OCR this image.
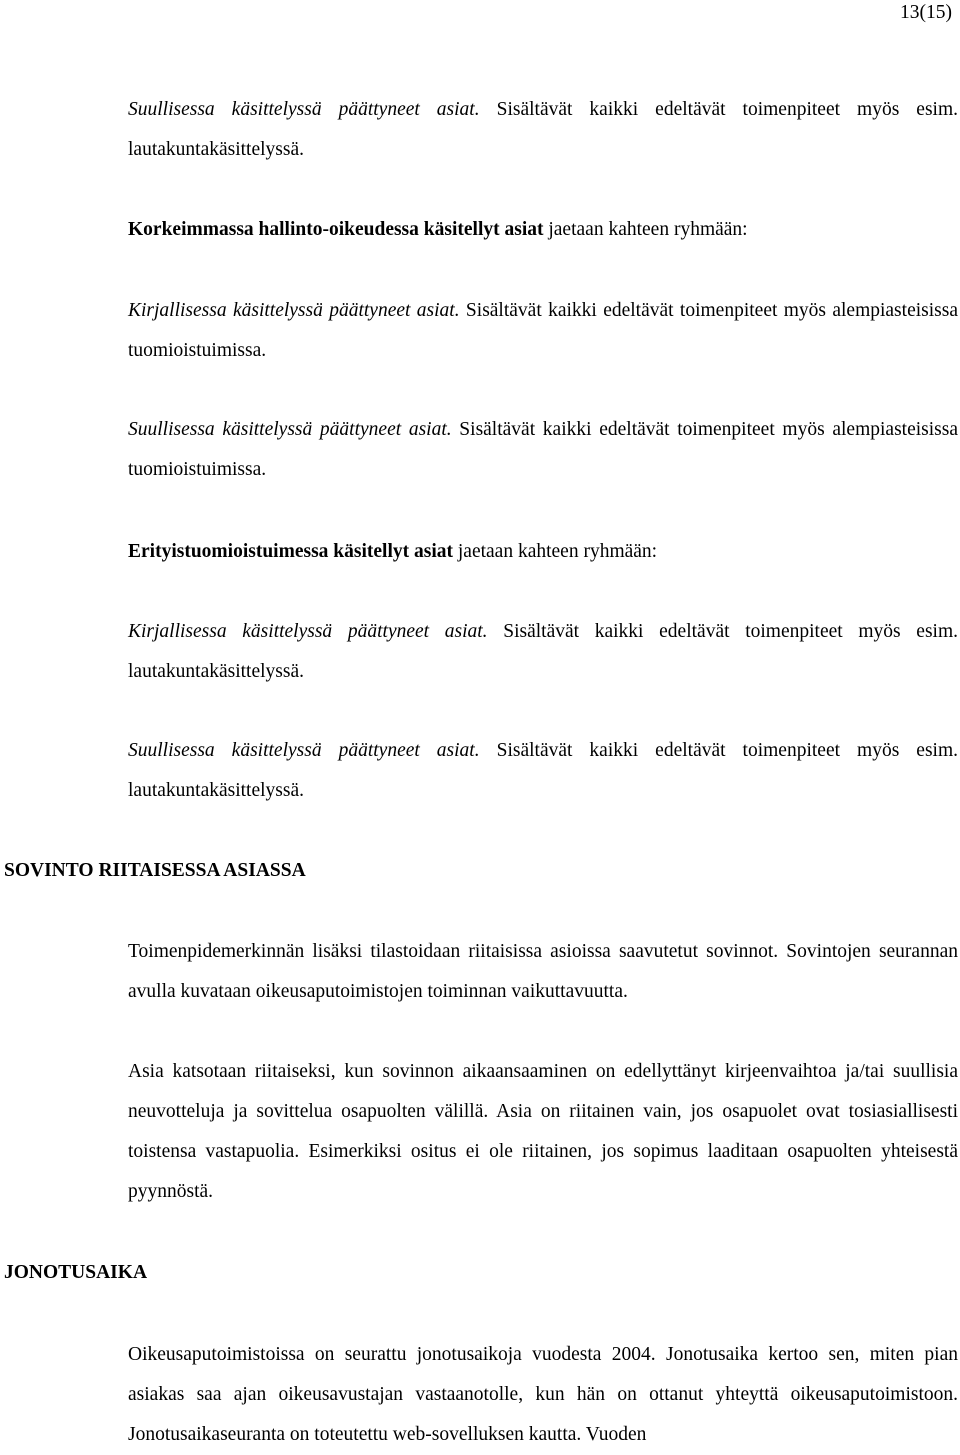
13(15)
Suullisessa käsittelyssä päättyneet asiat. Sisältävät kaikki edeltävät toimenpiteet myös esim. lautakuntakäsittelyssä.
Korkeimmassa hallinto-oikeudessa käsitellyt asiat jaetaan kahteen ryhmään:
Kirjallisessa käsittelyssä päättyneet asiat. Sisältävät kaikki edeltävät toimenpiteet myös alempiasteisissa tuomioistuimissa.
Suullisessa käsittelyssä päättyneet asiat. Sisältävät kaikki edeltävät toimenpiteet myös alempiasteisissa tuomioistuimissa.
Erityistuomioistuimessa käsitellyt asiat jaetaan kahteen ryhmään:
Kirjallisessa käsittelyssä päättyneet asiat. Sisältävät kaikki edeltävät toimenpiteet myös esim. lautakuntakäsittelyssä.
Suullisessa käsittelyssä päättyneet asiat. Sisältävät kaikki edeltävät toimenpiteet myös esim. lautakuntakäsittelyssä.
SOVINTO RIITAISESSA ASIASSA
Toimenpidemerkinnän lisäksi tilastoidaan riitaisissa asioissa saavutetut sovinnot. Sovintojen seurannan avulla kuvataan oikeusaputoimistojen toiminnan vaikuttavuutta.
Asia katsotaan riitaiseksi, kun sovinnon aikaansaaminen on edellyttänyt kirjeenvaihtoa ja/tai suullisia neuvotteluja ja sovittelua osapuolten välillä. Asia on riitainen vain, jos osapuolet ovat tosiasiallisesti toistensa vastapuolia. Esimerkiksi ositus ei ole riitainen, jos sopimus laaditaan osapuolten yhteisestä pyynnöstä.
JONOTUSAIKA
Oikeusaputoimistoissa on seurattu jonotusaikoja vuodesta 2004. Jonotusaika kertoo sen, miten pian asiakas saa ajan oikeusavustajan vastaanotolle, kun hän on ottanut yhteyttä oikeusaputoimistoon. Jonotusaikaseuranta on toteutettu web-sovelluksen kautta. Vuoden
